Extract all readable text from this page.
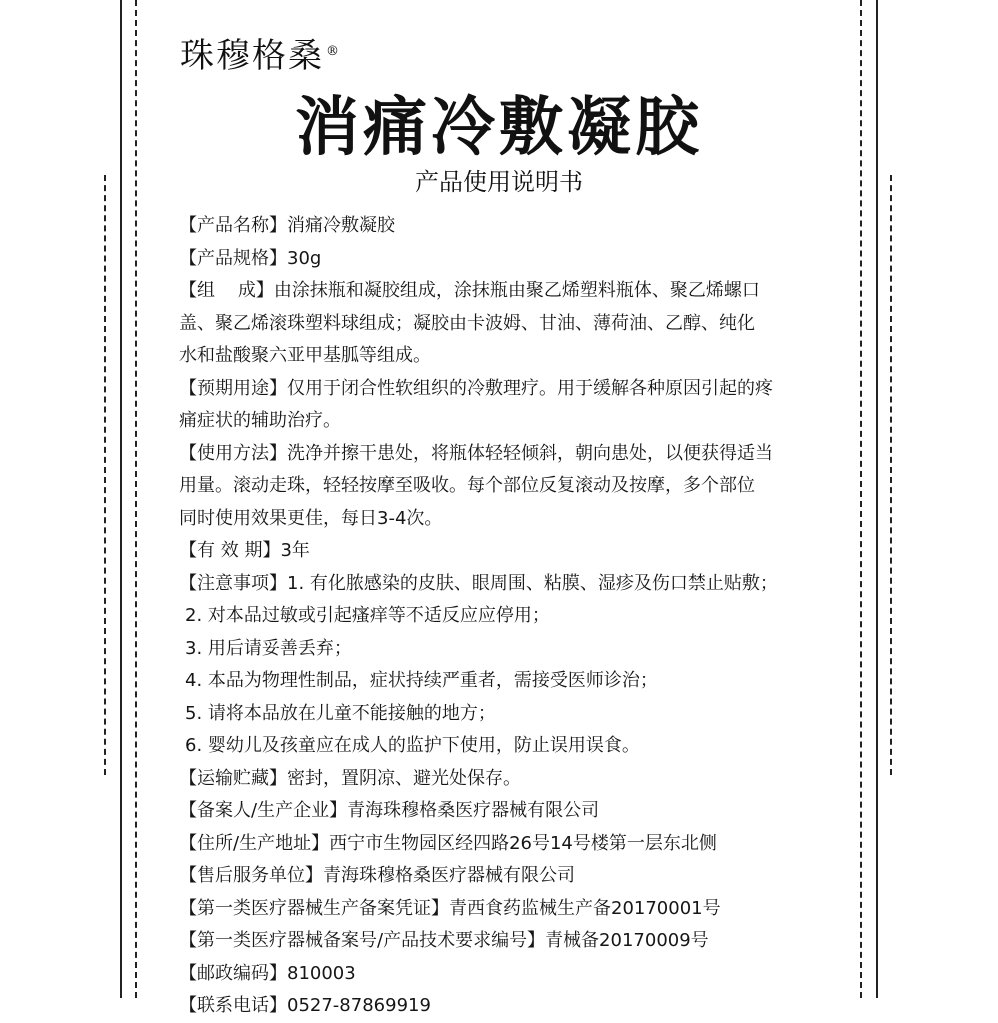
珠穆格桑 ®
消痛冷敷凝胶
产品使用说明书

【产品名称】消痛冷敷凝胶

【产品规格】30g

【组    成】由涂抹瓶和凝胶组成，涂抹瓶由聚乙烯塑料瓶体、聚乙烯螺口

盖、聚乙烯滚珠塑料球组成；凝胶由卡波姆、甘油、薄荷油、乙醇、纯化

水和盐酸聚六亚甲基胍等组成。

【预期用途】仅用于闭合性软组织的冷敷理疗。用于缓解各种原因引起的疼

痛症状的辅助治疗。

【使用方法】洗净并擦干患处，将瓶体轻轻倾斜，朝向患处，以便获得适当

用量。滚动走珠，轻轻按摩至吸收。每个部位反复滚动及按摩，多个部位

同时使用效果更佳，每日3-4次。

【有 效 期】3年

【注意事项】1. 有化脓感染的皮肤、眼周围、粘膜、湿疹及伤口禁止贴敷；

2. 对本品过敏或引起瘙痒等不适反应应停用；

3. 用后请妥善丢弃；

4. 本品为物理性制品，症状持续严重者，需接受医师诊治；

5. 请将本品放在儿童不能接触的地方；

6. 婴幼儿及孩童应在成人的监护下使用，防止误用误食。

【运输贮藏】密封，置阴凉、避光处保存。

【备案人/生产企业】青海珠穆格桑医疗器械有限公司

【住所/生产地址】西宁市生物园区经四路26号14号楼第一层东北侧

【售后服务单位】青海珠穆格桑医疗器械有限公司

【第一类医疗器械生产备案凭证】青西食药监械生产备20170001号

【第一类医疗器械备案号/产品技术要求编号】青械备20170009号

【邮政编码】810003

【联系电话】0527-87869919
